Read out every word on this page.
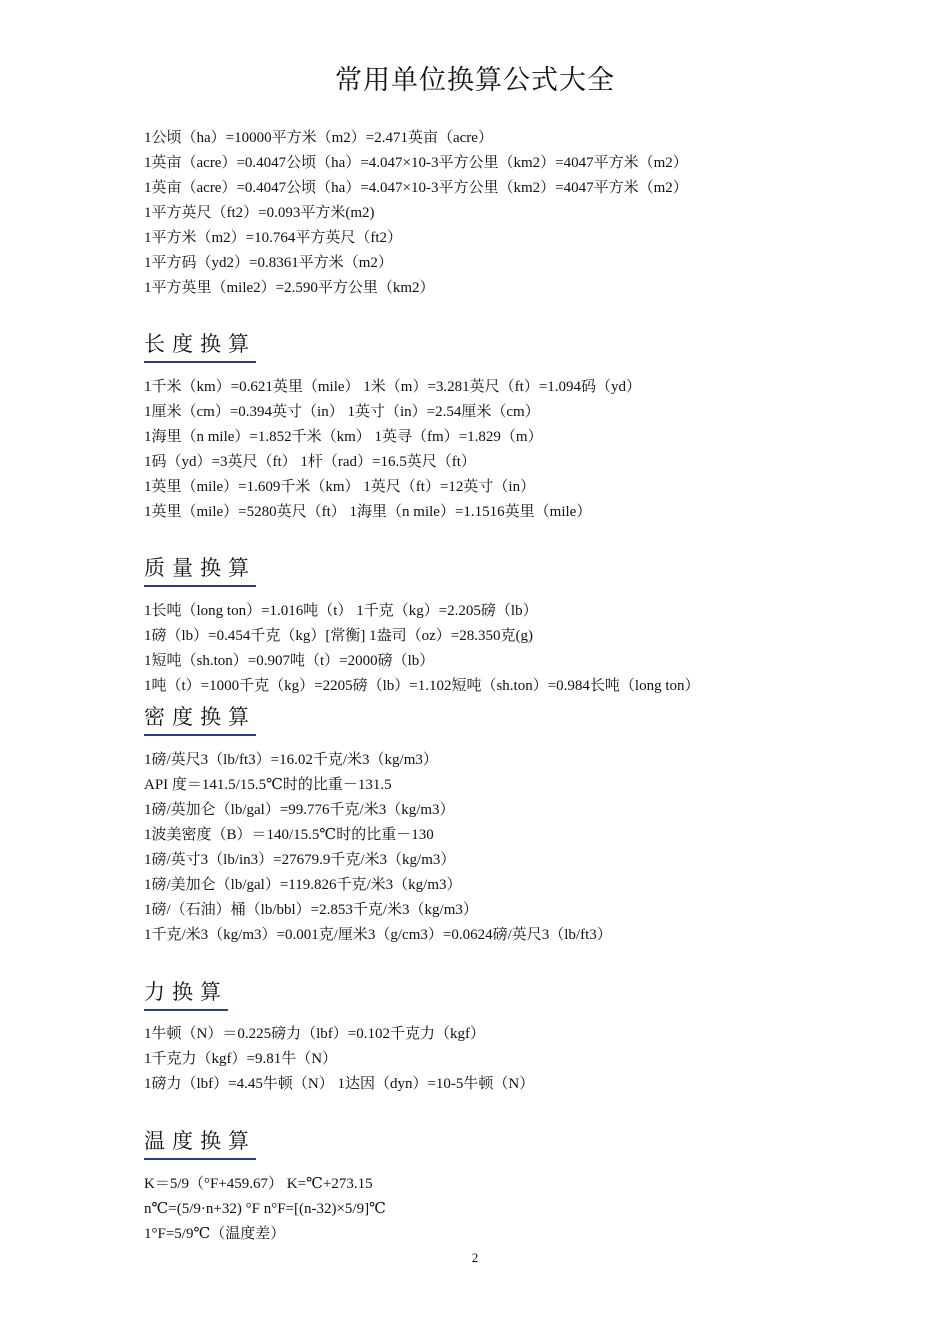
常用单位换算公式大全
1公顷（ha）=10000平方米（m2）=2.471英亩（acre）
1英亩（acre）=0.4047公顷（ha）=4.047×10-3平方公里（km2）=4047平方米（m2）
1英亩（acre）=0.4047公顷（ha）=4.047×10-3平方公里（km2）=4047平方米（m2）
1平方英尺（ft2）=0.093平方米(m2)
1平方米（m2）=10.764平方英尺（ft2）
1平方码（yd2）=0.8361平方米（m2）
1平方英里（mile2）=2.590平方公里（km2）
长度换算
1千米（km）=0.621英里（mile） 1米（m）=3.281英尺（ft）=1.094码（yd）
1厘米（cm）=0.394英寸（in） 1英寸（in）=2.54厘米（cm）
1海里（n mile）=1.852千米（km） 1英寻（fm）=1.829（m）
1码（yd）=3英尺（ft） 1杆（rad）=16.5英尺（ft）
1英里（mile）=1.609千米（km） 1英尺（ft）=12英寸（in）
1英里（mile）=5280英尺（ft） 1海里（n mile）=1.1516英里（mile）
质量换算
1长吨（long ton）=1.016吨（t） 1千克（kg）=2.205磅（lb）
1磅（lb）=0.454千克（kg）[常衡] 1盎司（oz）=28.350克(g)
1短吨（sh.ton）=0.907吨（t）=2000磅（lb）
1吨（t）=1000千克（kg）=2205磅（lb）=1.102短吨（sh.ton）=0.984长吨（long ton）
密度换算
1磅/英尺3（lb/ft3）=16.02千克/米3（kg/m3）
API 度＝141.5/15.5℃时的比重－131.5
1磅/英加仑（lb/gal）=99.776千克/米3（kg/m3）
1波美密度（B）＝140/15.5℃时的比重－130
1磅/英寸3（lb/in3）=27679.9千克/米3（kg/m3）
1磅/美加仑（lb/gal）=119.826千克/米3（kg/m3）
1磅/（石油）桶（lb/bbl）=2.853千克/米3（kg/m3）
1千克/米3（kg/m3）=0.001克/厘米3（g/cm3）=0.0624磅/英尺3（lb/ft3）
力换算
1牛顿（N）＝0.225磅力（lbf）=0.102千克力（kgf）
1千克力（kgf）=9.81牛（N）
1磅力（lbf）=4.45牛顿（N） 1达因（dyn）=10-5牛顿（N）
温度换算
K＝5/9（°F+459.67） K=℃+273.15
n℃=(5/9·n+32) °F n°F=[(n-32)×5/9]℃
1°F=5/9℃（温度差）
2
